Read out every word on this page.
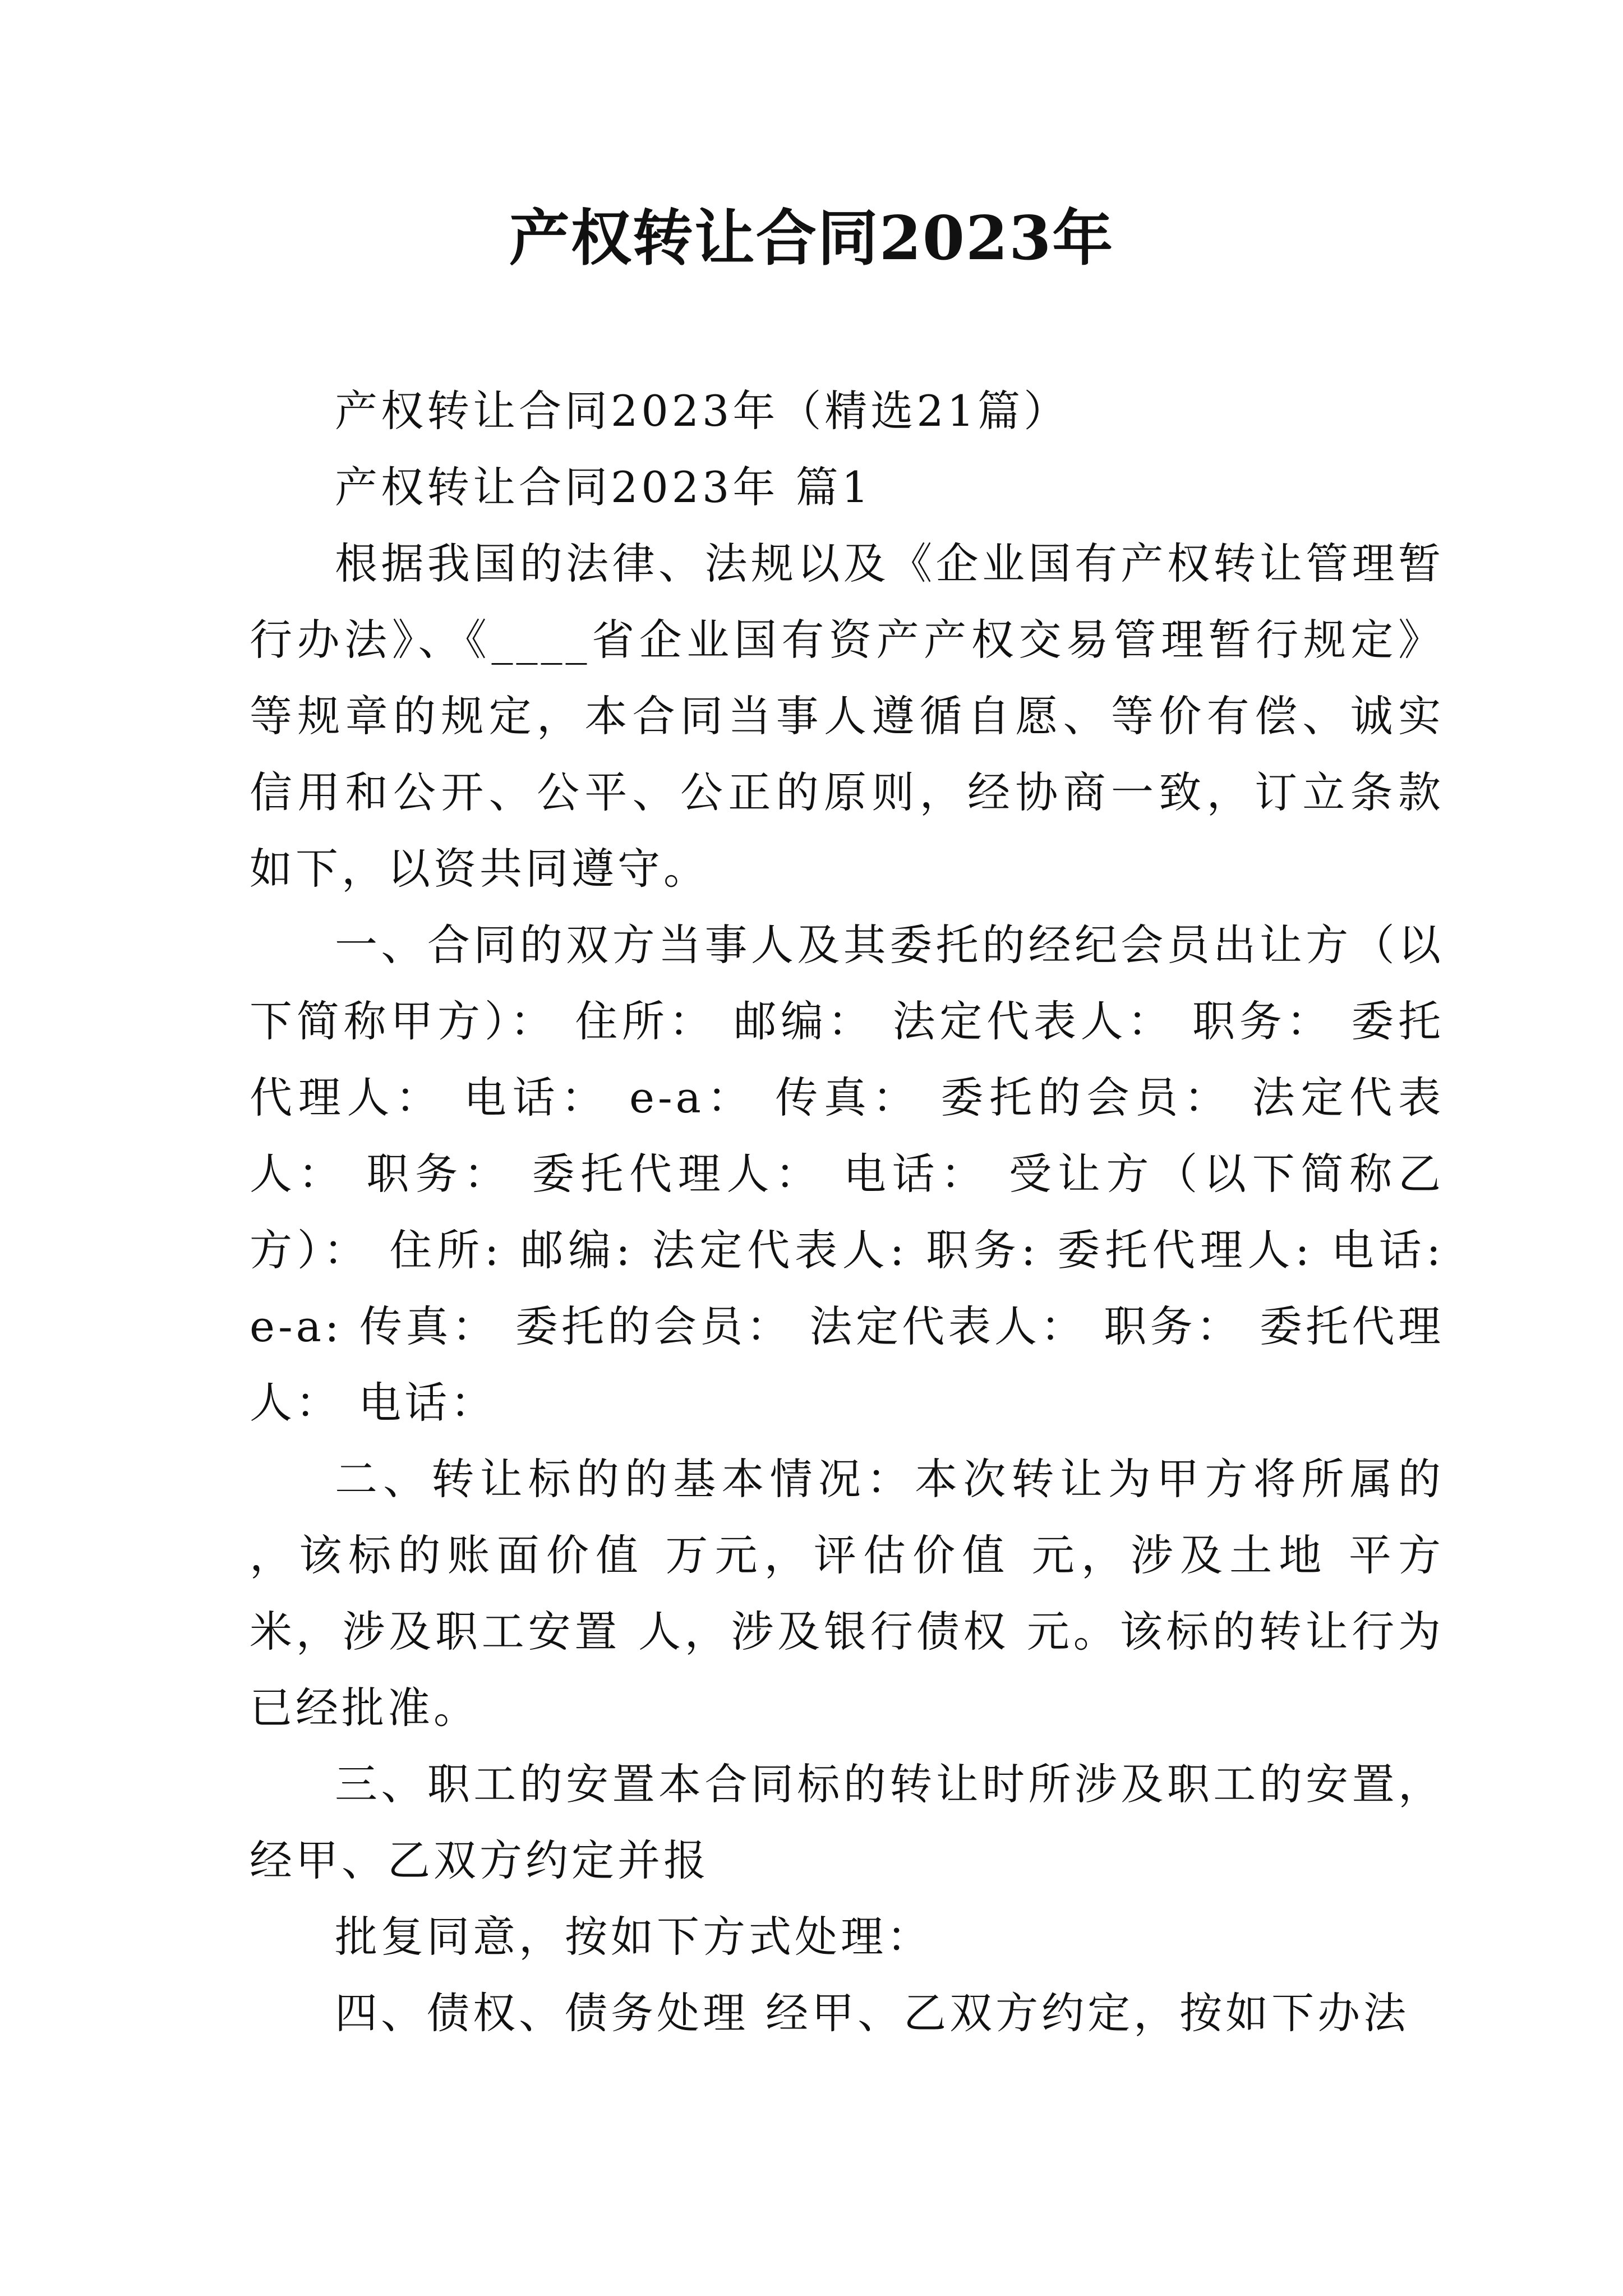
产权转让合同2023年

产权转让合同2023年（精选21篇）

产权转让合同2023年 篇1

根据我国的法律、法规以及《企业国有产权转让管理暂行办法》、《____省企业国有资产产权交易管理暂行规定》等规章的规定，本合同当事人遵循自愿、等价有偿、诚实信用和公开、公平、公正的原则，经协商一致，订立条款如下，以资共同遵守。

一、合同的双方当事人及其委托的经纪会员出让方（以下简称甲方）： 住所： 邮编： 法定代表人： 职务： 委托代理人： 电话： e-a： 传真： 委托的会员： 法定代表人： 职务： 委托代理人： 电话： 受让方（以下简称乙方）： 住所: 邮编: 法定代表人: 职务: 委托代理人: 电话: e-a: 传真： 委托的会员： 法定代表人： 职务： 委托代理人： 电话：

二、转让标的的基本情况：本次转让为甲方将所属的 ，该标的账面价值 万元，评估价值 元，涉及土地 平方米，涉及职工安置 人，涉及银行债权 元。该标的转让行为已经批准。

三、职工的安置本合同标的转让时所涉及职工的安置，经甲、乙双方约定并报

批复同意，按如下方式处理：

四、债权、债务处理 经甲、乙双方约定，按如下办法
